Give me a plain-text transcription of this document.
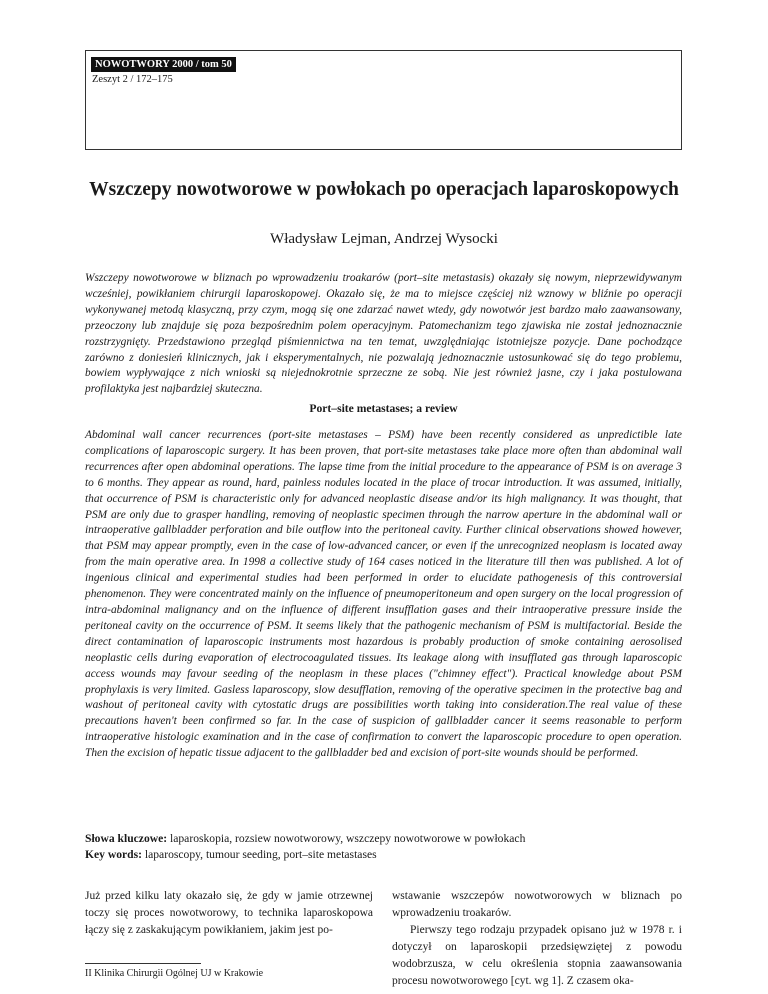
NOWOTWORY 2000 / tom 50
Zeszyt 2 / 172–175
Wszczepy nowotworowe w powłokach po operacjach laparoskopowych
Władysław Lejman, Andrzej Wysocki

Wszczepy nowotworowe w bliznach po wprowadzeniu troakarów (port–site metastasis) okazały się nowym, nieprzewidywanym wcześniej, powikłaniem chirurgii laparoskopowej. Okazało się, że ma to miejsce częściej niż wznowy w bliźnie po operacji wykonywanej metodą klasyczną, przy czym, mogą się one zdarzać nawet wtedy, gdy nowotwór jest bardzo mało zaawansowany, przeoczony lub znajduje się poza bezpośrednim polem operacyjnym. Patomechanizm tego zjawiska nie został jednoznacznie rozstrzygnięty. Przedstawiono przegląd piśmiennictwa na ten temat, uwzględniając istotniejsze pozycje. Dane pochodzące zarówno z doniesień klinicznych, jak i eksperymentalnych, nie pozwalają jednoznacznie ustosunkować się do tego problemu, bowiem wypływające z nich wnioski są niejednokrotnie sprzeczne ze sobą. Nie jest również jasne, czy i jaka postulowana profilaktyka jest najbardziej skuteczna.

Port–site metastases; a review

Abdominal wall cancer recurrences (port-site metastases – PSM) have been recently considered as unpredictible late complications of laparoscopic surgery. It has been proven, that port-site metastases take place more often than abdominal wall recurrences after open abdominal operations. The lapse time from the initial procedure to the appearance of PSM is on average 3 to 6 months. They appear as round, hard, painless nodules located in the place of trocar introduction. It was assumed, initially, that occurrence of PSM is characteristic only for advanced neoplastic disease and/or its high malignancy. It was thought, that PSM are only due to grasper handling, removing of neoplastic specimen through the narrow aperture in the abdominal wall or intraoperative gallbladder perforation and bile outflow into the peritoneal cavity. Further clinical observations showed however, that PSM may appear promptly, even in the case of low-advanced cancer, or even if the unrecognized neoplasm is located away from the main operative area. In 1998 a collective study of 164 cases noticed in the literature till then was published. A lot of ingenious clinical and experimental studies had been performed in order to elucidate pathogenesis of this controversial phenomenon. They were concentrated mainly on the influence of pneumoperitoneum and open surgery on the local progression of intra-abdominal malignancy and on the influence of different insufflation gases and their intraoperative pressure inside the peritoneal cavity on the occurrence of PSM. It seems likely that the pathogenic mechanism of PSM is multifactorial. Beside the direct contamination of laparoscopic instruments most hazardous is probably production of smoke containing aerosolised neoplastic cells during evaporation of electrocoagulated tissues. Its leakage along with insufflated gas through laparoscopic access wounds may favour seeding of the neoplasm in these places ("chimney effect"). Practical knowledge about PSM prophylaxis is very limited. Gasless laparoscopy, slow desufflation, removing of the operative specimen in the protective bag and washout of peritoneal cavity with cytostatic drugs are possibilities worth taking into consideration.The real value of these precautions haven't been confirmed so far. In the case of suspicion of gallbladder cancer it seems reasonable to perform intraoperative histologic examination and in the case of confirmation to convert the laparoscopic procedure to open operation. Then the excision of hepatic tissue adjacent to the gallbladder bed and excision of port-site wounds should be performed.

Słowa kluczowe: laparoskopia, rozsiew nowotworowy, wszczepy nowotworowe w powłokach
Key words: laparoscopy, tumour seeding, port–site metastases

Już przed kilku laty okazało się, że gdy w jamie otrzewnej toczy się proces nowotworowy, to technika laparoskopowa łączy się z zaskakującym powikłaniem, jakim jest po-

wstawanie wszczepów nowotworowych w bliznach po wprowadzeniu troakarów.

Pierwszy tego rodzaju przypadek opisano już w 1978 r. i dotyczył on laparoskopii przedsięwziętej z powodu wodobrzusza, w celu określenia stopnia zaawansowania procesu nowotworowego [cyt. wg 1]. Z czasem oka-

II Klinika Chirurgii Ogólnej UJ w Krakowie
